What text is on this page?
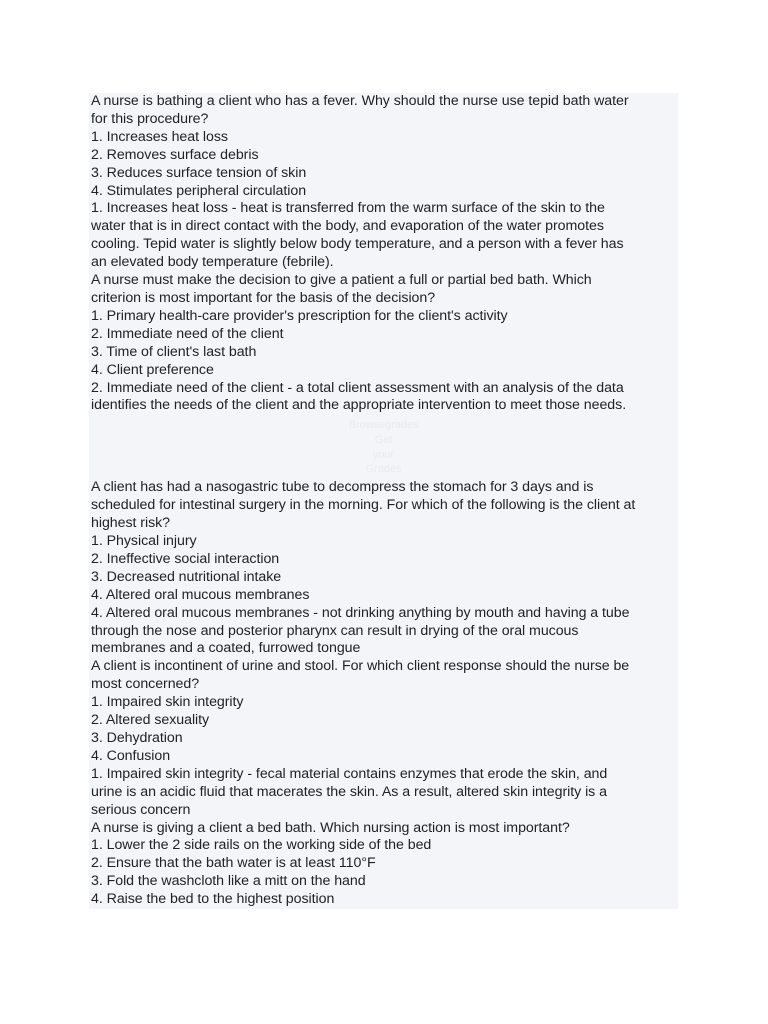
A nurse is bathing a client who has a fever. Why should the nurse use tepid bath water
for this procedure?
1. Increases heat loss
2. Removes surface debris
3. Reduces surface tension of skin
4. Stimulates peripheral circulation
1. Increases heat loss - heat is transferred from the warm surface of the skin to the
water that is in direct contact with the body, and evaporation of the water promotes
cooling. Tepid water is slightly below body temperature, and a person with a fever has
an elevated body temperature (febrile).
A nurse must make the decision to give a patient a full or partial bed bath. Which
criterion is most important for the basis of the decision?
1. Primary health-care provider's prescription for the client's activity
2. Immediate need of the client
3. Time of client's last bath
4. Client preference
2. Immediate need of the client - a total client assessment with an analysis of the data
identifies the needs of the client and the appropriate intervention to meet those needs.
Browsegrades
Get
your
Grades
A client has had a nasogastric tube to decompress the stomach for 3 days and is
scheduled for intestinal surgery in the morning. For which of the following is the client at
highest risk?
1. Physical injury
2. Ineffective social interaction
3. Decreased nutritional intake
4. Altered oral mucous membranes
4. Altered oral mucous membranes - not drinking anything by mouth and having a tube
through the nose and posterior pharynx can result in drying of the oral mucous
membranes and a coated, furrowed tongue
A client is incontinent of urine and stool. For which client response should the nurse be
most concerned?
1. Impaired skin integrity
2. Altered sexuality
3. Dehydration
4. Confusion
1. Impaired skin integrity - fecal material contains enzymes that erode the skin, and
urine is an acidic fluid that macerates the skin. As a result, altered skin integrity is a
serious concern
A nurse is giving a client a bed bath. Which nursing action is most important?
1. Lower the 2 side rails on the working side of the bed
2. Ensure that the bath water is at least 110°F
3. Fold the washcloth like a mitt on the hand
4. Raise the bed to the highest position
